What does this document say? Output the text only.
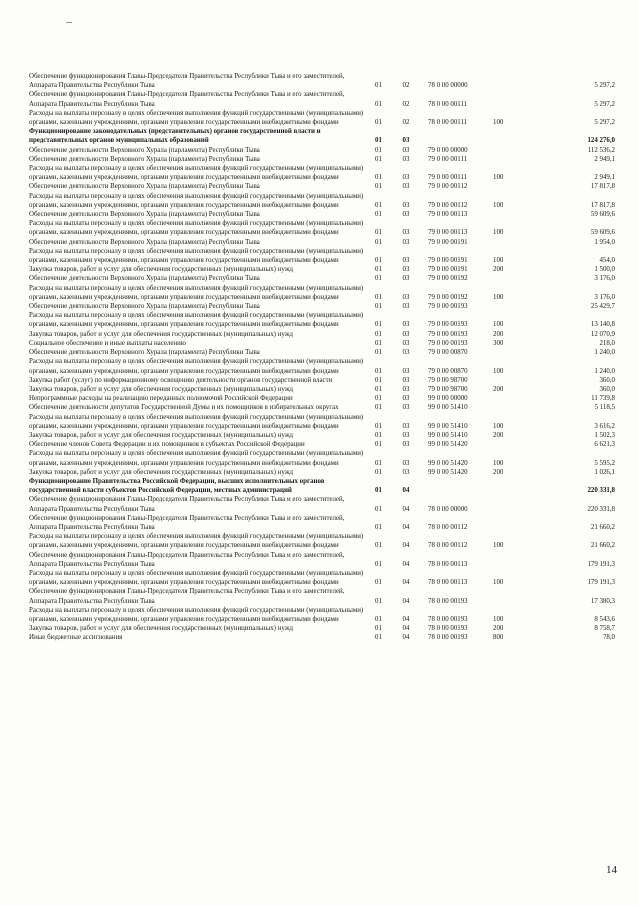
Обеспечение функционирования Главы-Председателя Правительства Республики Тыва и его заместителей, Аппарата Правительства Республики Тыва	01	02	78 0 00 00000		5 297,2
Обеспечение функционирования Главы-Председателя Правительства Республики Тыва и его заместителей, Аппарата Правительства Республики Тыва	01	02	78 0 00 00111		5 297,2
Расходы на выплаты персоналу в целях обеспечения выполнения функций государственными (муниципальными) органами, казенными учреждениями, органами управления государственными внебюджетными фондами	01	02	78 0 00 00111	100	5 297,2
Функционирование законодательных (представительных) органов государственной власти и представительных органов муниципальных образований	01	03			124 276,0
Обеспечение деятельности Верховного Хурала (парламента) Республики Тыва	01	03	79 0 00 00000		112 536,2
Обеспечение деятельности Верховного Хурала (парламента) Республики Тыва	01	03	79 0 00 00111		2 949,1
Расходы на выплаты персоналу в целях обеспечения выполнения функций государственными (муниципальными) органами, казенными учреждениями, органами управления государственными внебюджетными фондами	01	03	79 0 00 00111	100	2 949,1
Обеспечение деятельности Верховного Хурала (парламента) Республики Тыва	01	03	79 0 00 00112		17 817,8
Расходы на выплаты персоналу в целях обеспечения выполнения функций государственными (муниципальными) органами, казенными учреждениями, органами управления государственными внебюджетными фондами	01	03	79 0 00 00112	100	17 817,8
Обеспечение деятельности Верховного Хурала (парламента) Республики Тыва	01	03	79 0 00 00113		59 609,6
Расходы на выплаты персоналу в целях обеспечения выполнения функций государственными (муниципальными) органами, казенными учреждениями, органами управления государственными внебюджетными фондами	01	03	79 0 00 00113	100	59 609,6
Обеспечение деятельности Верховного Хурала (парламента) Республики Тыва	01	03	79 0 00 00191		1 954,0
Расходы на выплаты персоналу в целях обеспечения выполнения функций государственными (муниципальными) органами, казенными учреждениями, органами управления государственными внебюджетными фондами	01	03	79 0 00 00191	100	454,0
Закупка товаров, работ и услуг для обеспечения государственных (муниципальных) нужд	01	03	79 0 00 00191	200	1 500,0
Обеспечение деятельности Верховного Хурала (парламента) Республики Тыва	01	03	79 0 00 00192		3 176,0
Расходы на выплаты персоналу в целях обеспечения выполнения функций государственными (муниципальными) органами, казенными учреждениями, органами управления государственными внебюджетными фондами	01	03	79 0 00 00192	100	3 176,0
Обеспечение деятельности Верховного Хурала (парламента) Республики Тыва	01	03	79 0 00 00193		25 429,7
Расходы на выплаты персоналу в целях обеспечения выполнения функций государственными (муниципальными) органами, казенными учреждениями, органами управления государственными внебюджетными фондами	01	03	79 0 00 00193	100	13 140,8
Закупка товаров, работ и услуг для обеспечения государственных (муниципальных) нужд	01	03	79 0 00 00193	200	12 070,9
Социальное обеспечение и иные выплаты населению	01	03	79 0 00 00193	300	218,0
Обеспечение деятельности Верховного Хурала (парламента) Республики Тыва	01	03	79 0 00 00870		1 240,0
Расходы на выплаты персоналу в целях обеспечения выполнения функций государственными (муниципальными) органами, казенными учреждениями, органами управления государственными внебюджетными фондами	01	03	79 0 00 00870	100	1 240,0
Закупка работ (услуг) по информационному освещению деятельности органов государственной власти	01	03	79 0 00 98700		360,0
Закупка товаров, работ и услуг для обеспечения государственных (муниципальных) нужд	01	03	79 0 00 98700	200	360,0
Непрограммные расходы на реализацию переданных полномочий Российской Федерации	01	03	99 0 00 00000		11 739,8
Обеспечение деятельности депутатов Государственной Думы и их помощников в избирательных округах	01	03	99 0 00 51410		5 118,5
Расходы на выплаты персоналу в целях обеспечения выполнения функций государственными (муниципальными) органами, казенными учреждениями, органами управления государственными внебюджетными фондами	01	03	99 0 00 51410	100	3 616,2
Закупка товаров, работ и услуг для обеспечения государственных (муниципальных) нужд	01	03	99 0 00 51410	200	1 502,3
Обеспечение членов Совета Федерации и их помощников в субъектах Российской Федерации	01	03	99 0 00 51420		6 621,3
Расходы на выплаты персоналу в целях обеспечения выполнения функций государственными (муниципальными) органами, казенными учреждениями, органами управления государственными внебюджетными фондами	01	03	99 0 00 51420	100	5 595,2
Закупка товаров, работ и услуг для обеспечения государственных (муниципальных) нужд	01	03	99 0 00 51420	200	1 026,1
Функционирование Правительства Российской Федерации, высших исполнительных органов государственной власти субъектов Российской Федерации, местных администраций	01	04			220 331,8
Обеспечение функционирования Главы-Председателя Правительства Республики Тыва и его заместителей, Аппарата Правительства Республики Тыва	01	04	78 0 00 00000		220 331,8
Обеспечение функционирования Главы-Председателя Правительства Республики Тыва и его заместителей, Аппарата Правительства Республики Тыва	01	04	78 0 00 00112		21 660,2
Расходы на выплаты персоналу в целях обеспечения выполнения функций государственными (муниципальными) органами, казенными учреждениями, органами управления государственными внебюджетными фондами	01	04	78 0 00 00112	100	21 660,2
Обеспечение функционирования Главы-Председателя Правительства Республики Тыва и его заместителей, Аппарата Правительства Республики Тыва	01	04	78 0 00 00113		179 191,3
Расходы на выплаты персоналу в целях обеспечения выполнения функций государственными (муниципальными) органами, казенными учреждениями, органами управления государственными внебюджетными фондами	01	04	78 0 00 00113	100	179 191,3
Обеспечение функционирования Главы-Председателя Правительства Республики Тыва и его заместителей, Аппарата Правительства Республики Тыва	01	04	78 0 00 00193		17 380,3
Расходы на выплаты персоналу в целях обеспечения выполнения функций государственными (муниципальными) органами, казенными учреждениями, органами управления государственными внебюджетными фондами	01	04	78 0 00 00193	100	8 543,6
Закупка товаров, работ и услуг для обеспечения государственных (муниципальных) нужд	01	04	78 0 00 00193	200	8 758,7
Иные бюджетные ассигнования	01	04	78 0 00 00193	800	78,0
14
